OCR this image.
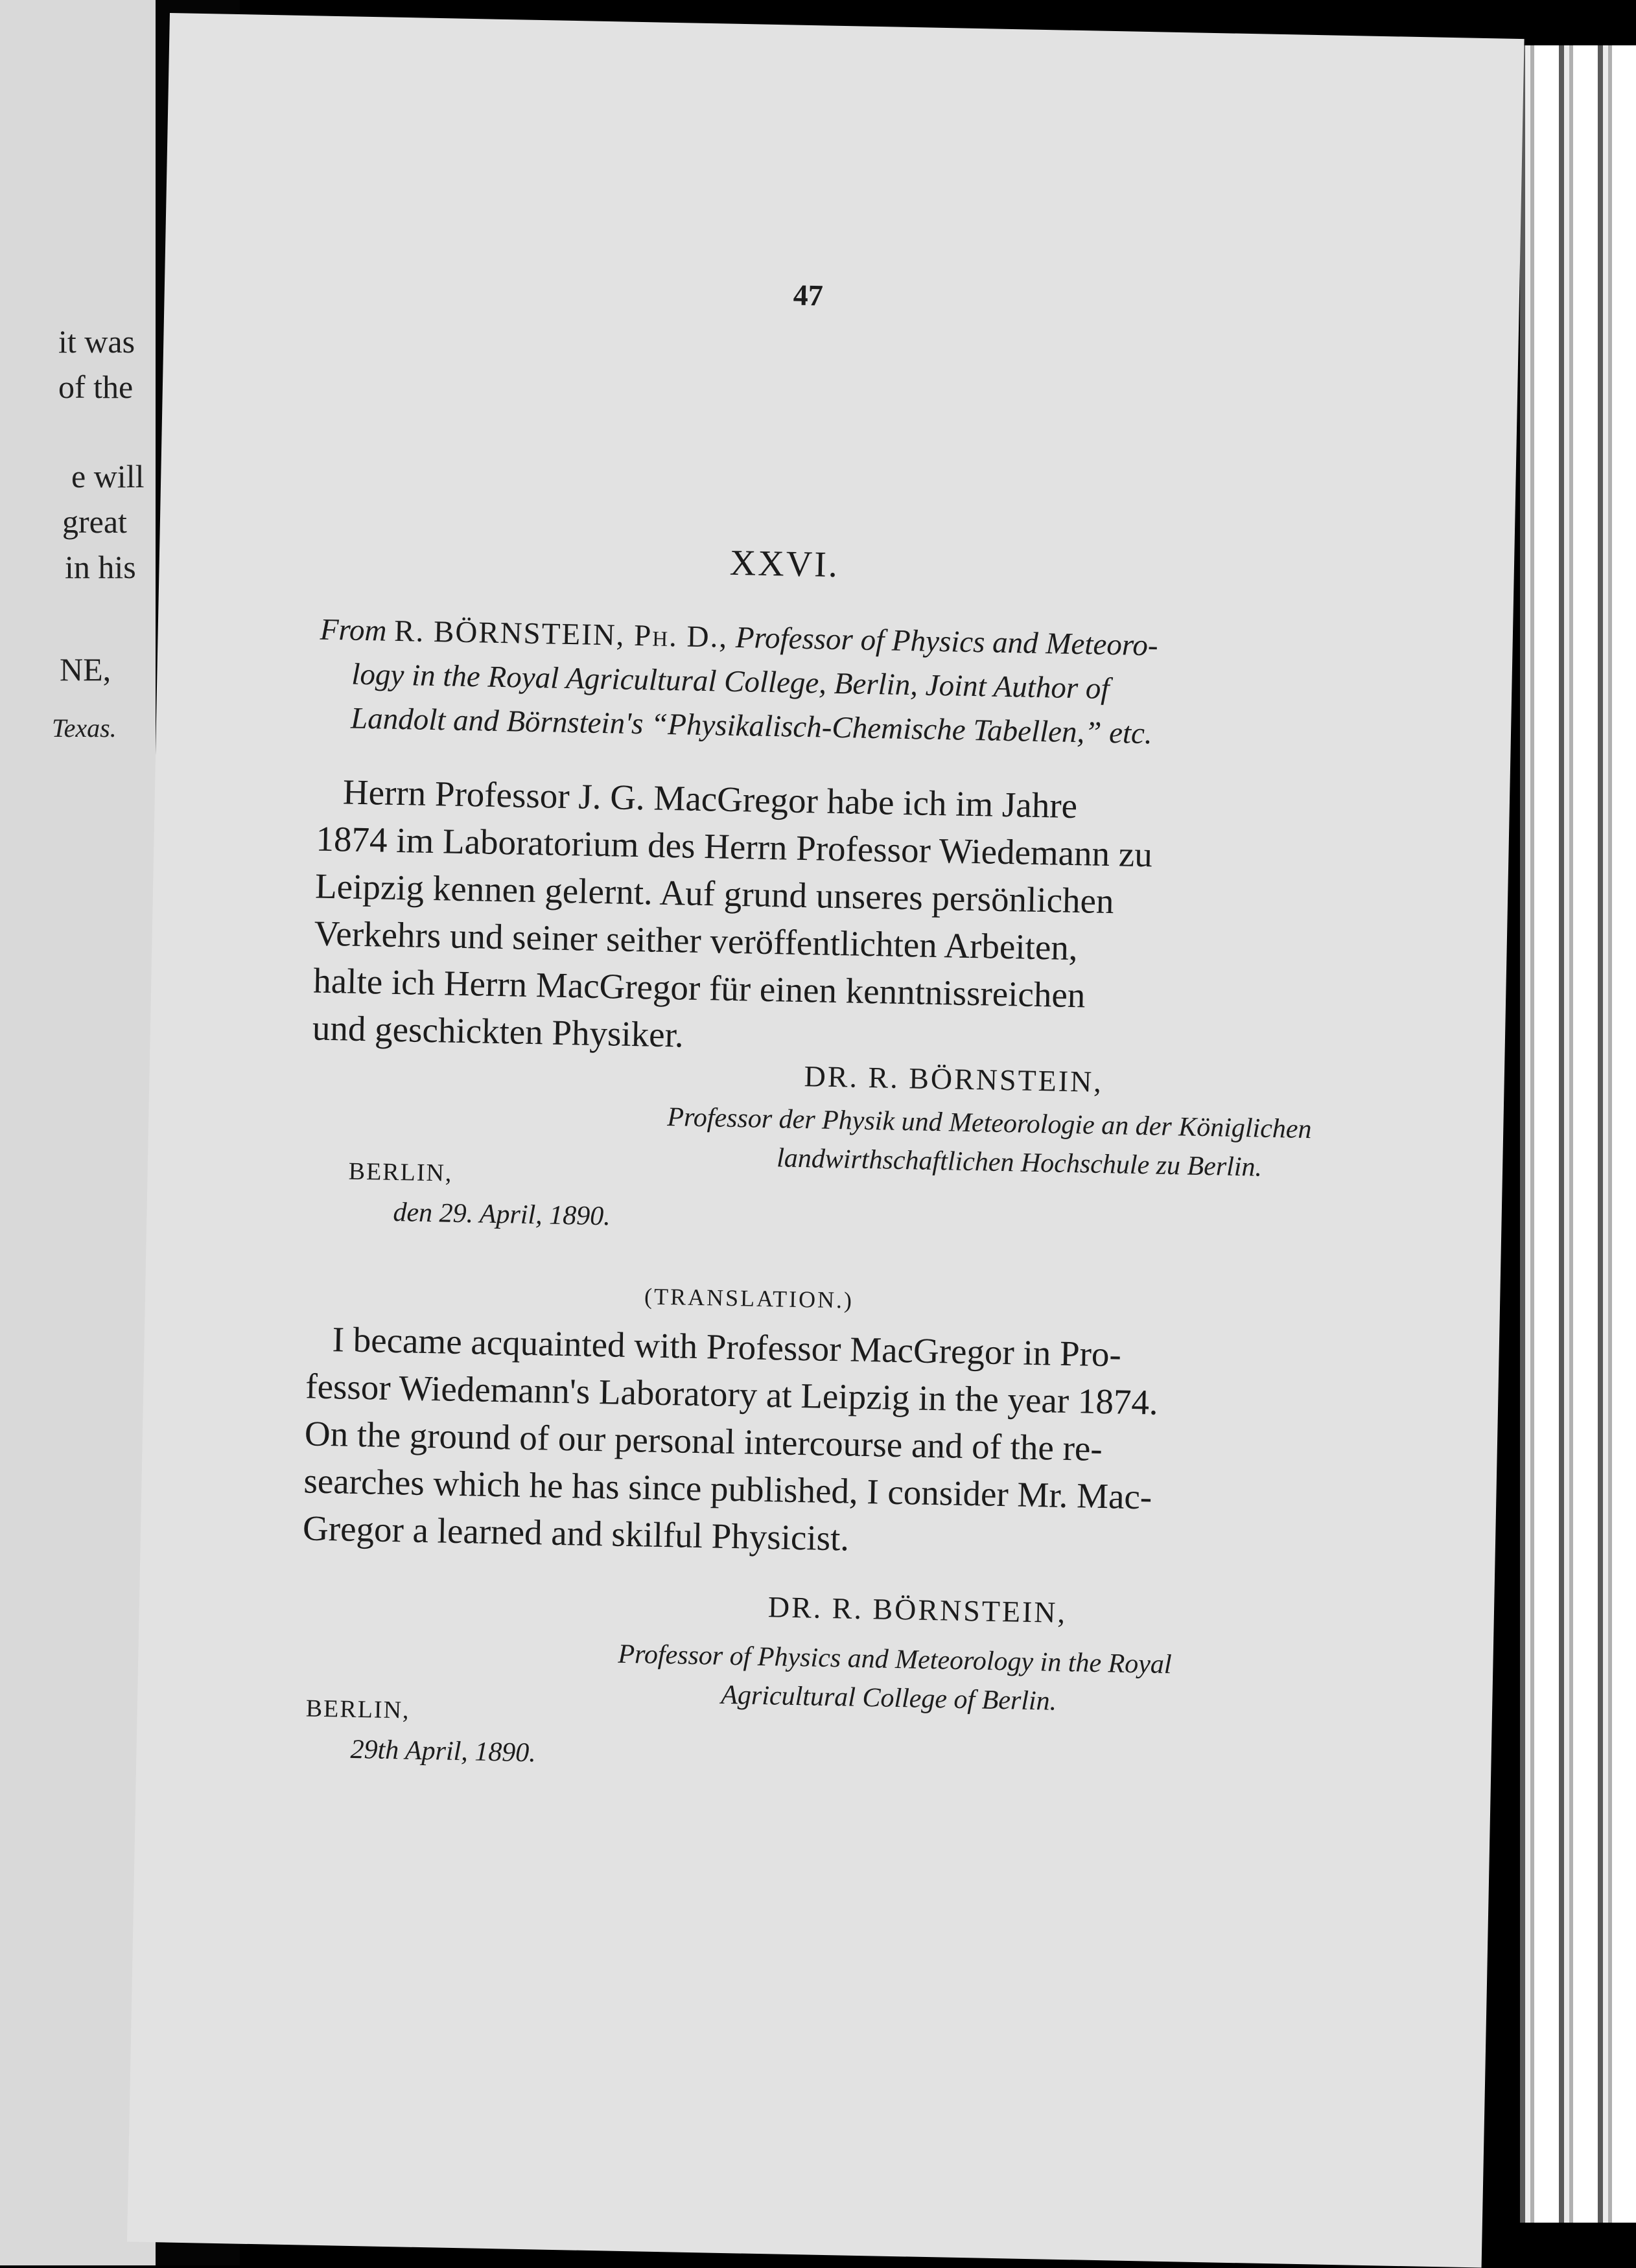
it was

of the

e will

great

in his

NE,

Texas.

47

XXVI.

From R. BÖRNSTEIN, Ph. D., Professor of Physics and Meteoro-

logy in the Royal Agricultural College, Berlin, Joint Author of

Landolt and Börnstein's “Physikalisch-Chemische Tabellen,” etc.

Herrn Professor J. G. MacGregor habe ich im Jahre

1874 im Laboratorium des Herrn Professor Wiedemann zu

Leipzig kennen gelernt. Auf grund unseres persönlichen

Verkehrs und seiner seither veröffentlichten Arbeiten,

halte ich Herrn MacGregor für einen kenntnissreichen

und geschickten Physiker.

DR. R. BÖRNSTEIN,

Professor der Physik und Meteorologie an der Königlichen

landwirthschaftlichen Hochschule zu Berlin.

BERLIN,

den 29. April, 1890.

(TRANSLATION.)

I became acquainted with Professor MacGregor in Pro-

fessor Wiedemann's Laboratory at Leipzig in the year 1874.

On the ground of our personal intercourse and of the re-

searches which he has since published, I consider Mr. Mac-

Gregor a learned and skilful Physicist.

DR. R. BÖRNSTEIN,

Professor of Physics and Meteorology in the Royal

Agricultural College of Berlin.

BERLIN,

29th April, 1890.
